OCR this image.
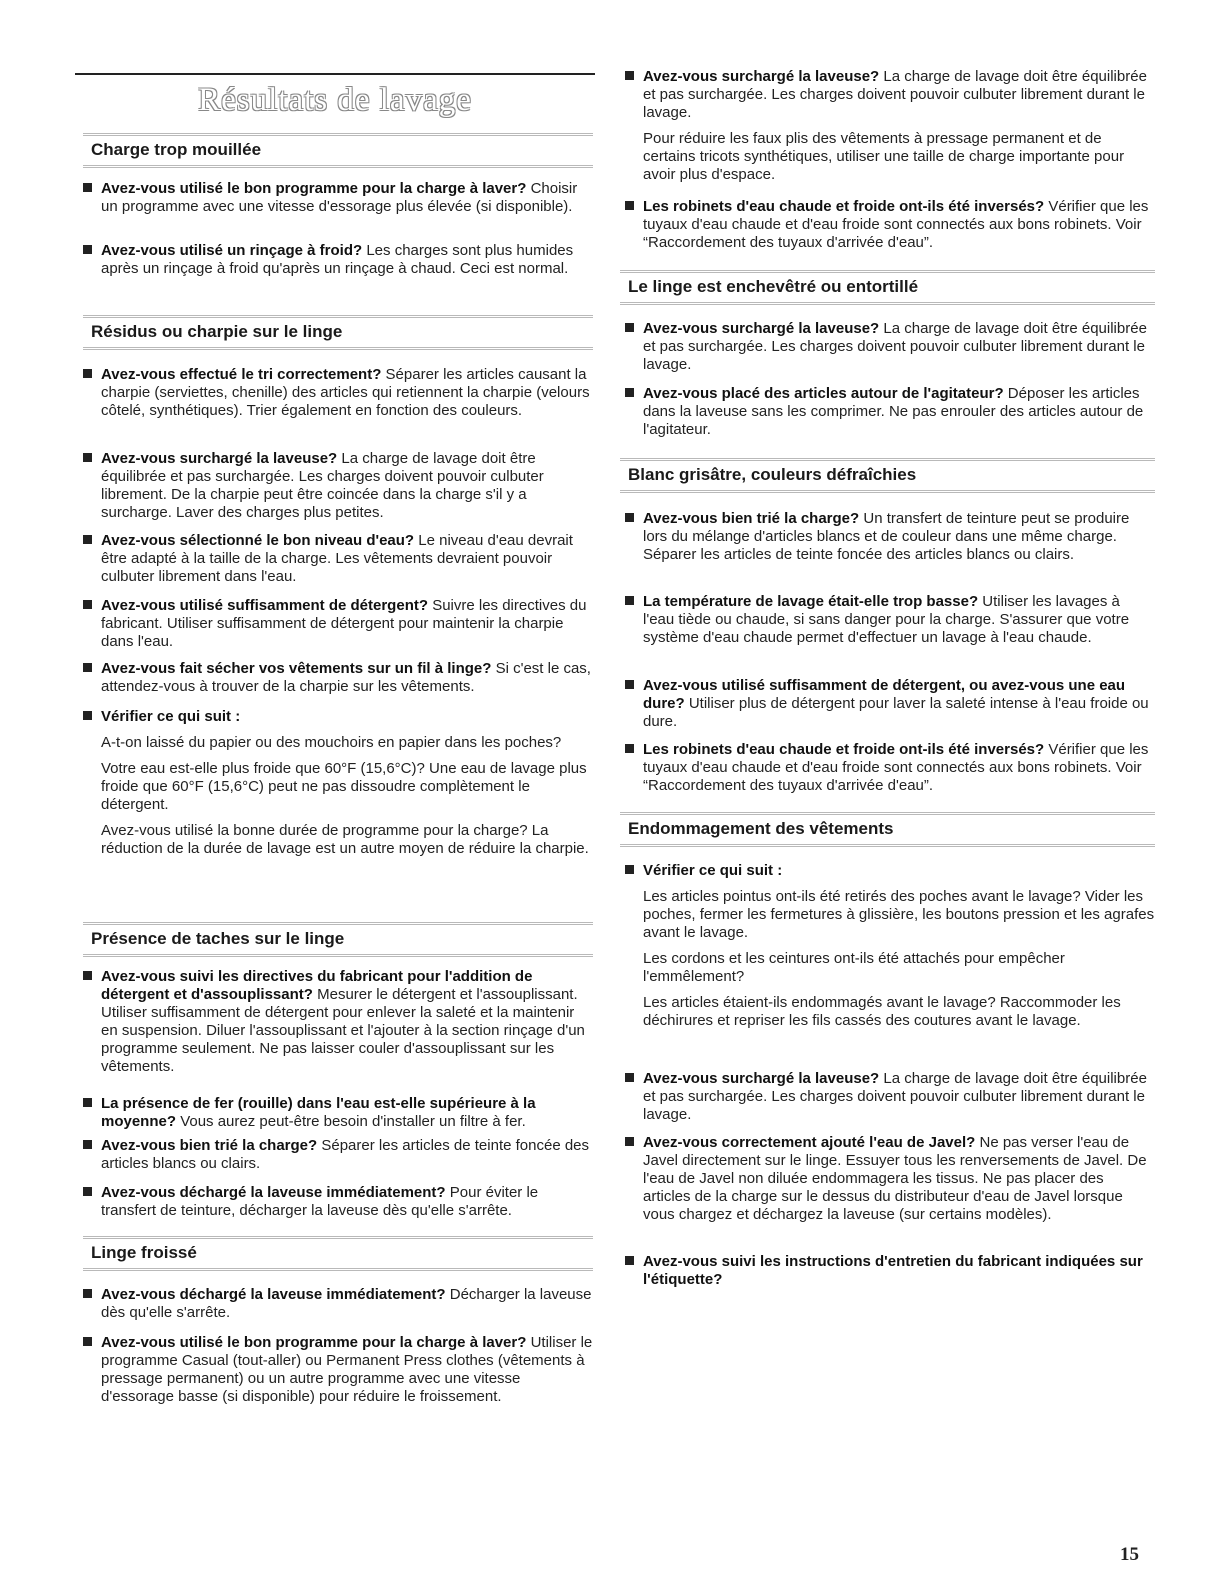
Résultats de lavage
Charge trop mouillée

Avez-vous utilisé le bon programme pour la charge à laver? Choisir un programme avec une vitesse d'essorage plus élevée (si disponible).

Avez-vous utilisé un rinçage à froid? Les charges sont plus humides après un rinçage à froid qu'après un rinçage à chaud. Ceci est normal.

Résidus ou charpie sur le linge

Avez-vous effectué le tri correctement? Séparer les articles causant la charpie (serviettes, chenille) des articles qui retiennent la charpie (velours côtelé, synthétiques). Trier également en fonction des couleurs.

Avez-vous surchargé la laveuse? La charge de lavage doit être équilibrée et pas surchargée. Les charges doivent pouvoir culbuter librement. De la charpie peut être coincée dans la charge s'il y a surcharge. Laver des charges plus petites.

Avez-vous sélectionné le bon niveau d'eau? Le niveau d'eau devrait être adapté à la taille de la charge. Les vêtements devraient pouvoir culbuter librement dans l'eau.

Avez-vous utilisé suffisamment de détergent? Suivre les directives du fabricant. Utiliser suffisamment de détergent pour maintenir la charpie dans l'eau.

Avez-vous fait sécher vos vêtements sur un fil à linge? Si c'est le cas, attendez-vous à trouver de la charpie sur les vêtements.

Vérifier ce qui suit :

A-t-on laissé du papier ou des mouchoirs en papier dans les poches?

Votre eau est-elle plus froide que 60°F (15,6°C)? Une eau de lavage plus froide que 60°F (15,6°C) peut ne pas dissoudre complètement le détergent.

Avez-vous utilisé la bonne durée de programme pour la charge? La réduction de la durée de lavage est un autre moyen de réduire la charpie.

Présence de taches sur le linge

Avez-vous suivi les directives du fabricant pour l'addition de détergent et d'assouplissant? Mesurer le détergent et l'assouplissant. Utiliser suffisamment de détergent pour enlever la saleté et la maintenir en suspension. Diluer l'assouplissant et l'ajouter à la section rinçage d'un programme seulement. Ne pas laisser couler d'assouplissant sur les vêtements.

La présence de fer (rouille) dans l'eau est-elle supérieure à la moyenne? Vous aurez peut-être besoin d'installer un filtre à fer.

Avez-vous bien trié la charge? Séparer les articles de teinte foncée des articles blancs ou clairs.

Avez-vous déchargé la laveuse immédiatement? Pour éviter le transfert de teinture, décharger la laveuse dès qu'elle s'arrête.

Linge froissé

Avez-vous déchargé la laveuse immédiatement? Décharger la laveuse dès qu'elle s'arrête.

Avez-vous utilisé le bon programme pour la charge à laver? Utiliser le programme Casual (tout-aller) ou Permanent Press clothes (vêtements à pressage permanent) ou un autre programme avec une vitesse d'essorage basse (si disponible) pour réduire le froissement.

Avez-vous surchargé la laveuse? La charge de lavage doit être équilibrée et pas surchargée. Les charges doivent pouvoir culbuter librement durant le lavage.

Pour réduire les faux plis des vêtements à pressage permanent et de certains tricots synthétiques, utiliser une taille de charge importante pour avoir plus d'espace.

Les robinets d'eau chaude et froide ont-ils été inversés? Vérifier que les tuyaux d'eau chaude et d'eau froide sont connectés aux bons robinets. Voir “Raccordement des tuyaux d'arrivée d'eau”.

Le linge est enchevêtré ou entortillé

Avez-vous surchargé la laveuse? La charge de lavage doit être équilibrée et pas surchargée. Les charges doivent pouvoir culbuter librement durant le lavage.

Avez-vous placé des articles autour de l'agitateur? Déposer les articles dans la laveuse sans les comprimer. Ne pas enrouler des articles autour de l'agitateur.

Blanc grisâtre, couleurs défraîchies

Avez-vous bien trié la charge? Un transfert de teinture peut se produire lors du mélange d'articles blancs et de couleur dans une même charge. Séparer les articles de teinte foncée des articles blancs ou clairs.

La température de lavage était-elle trop basse? Utiliser les lavages à l'eau tiède ou chaude, si sans danger pour la charge. S'assurer que votre système d'eau chaude permet d'effectuer un lavage à l'eau chaude.

Avez-vous utilisé suffisamment de détergent, ou avez-vous une eau dure? Utiliser plus de détergent pour laver la saleté intense à l'eau froide ou dure.

Les robinets d'eau chaude et froide ont-ils été inversés? Vérifier que les tuyaux d'eau chaude et d'eau froide sont connectés aux bons robinets. Voir “Raccordement des tuyaux d'arrivée d'eau”.

Endommagement des vêtements

Vérifier ce qui suit :

Les articles pointus ont-ils été retirés des poches avant le lavage? Vider les poches, fermer les fermetures à glissière, les boutons pression et les agrafes avant le lavage.

Les cordons et les ceintures ont-ils été attachés pour empêcher l'emmêlement?

Les articles étaient-ils endommagés avant le lavage? Raccommoder les déchirures et repriser les fils cassés des coutures avant le lavage.

Avez-vous surchargé la laveuse? La charge de lavage doit être équilibrée et pas surchargée. Les charges doivent pouvoir culbuter librement durant le lavage.

Avez-vous correctement ajouté l'eau de Javel? Ne pas verser l'eau de Javel directement sur le linge. Essuyer tous les renversements de Javel. De l'eau de Javel non diluée endommagera les tissus. Ne pas placer des articles de la charge sur le dessus du distributeur d'eau de Javel lorsque vous chargez et déchargez la laveuse (sur certains modèles).

Avez-vous suivi les instructions d'entretien du fabricant indiquées sur l'étiquette?

15
